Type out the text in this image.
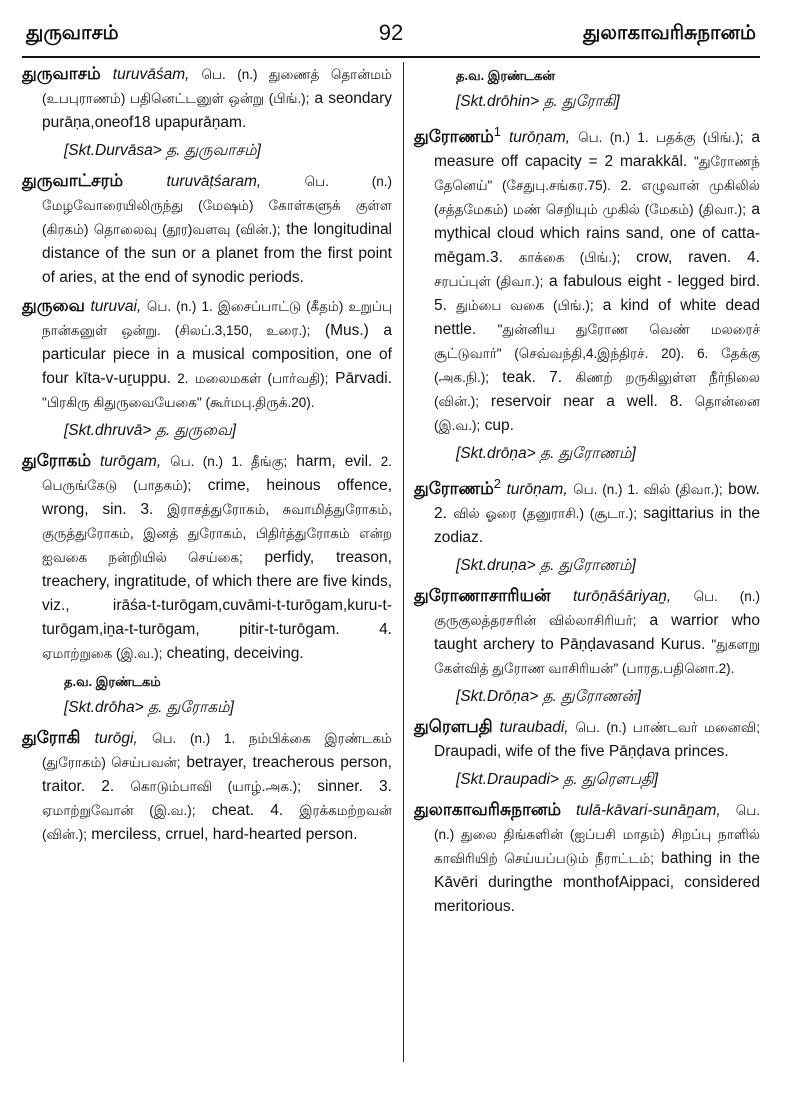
துருவாசம்	92	துலாகாவரிசுநானம்

துருவாசம் turuvāśam, பெ. (n.) துணைத் தொன்மம் (உபபுராணம்) பதினெட்டனுள் ஒன்று (பிங்.); a seondary purāṇa,oneof18 upapurāṇam.

[Skt.Durvāsa> த. துருவாசம்]

துருவாட்சரம்	turuvāṭśaram,	பெ. (n.) மேழவோரையிலிருந்து (மேஷம்) கோள்களுக் குள்ள (கிரகம்) தொலைவு (தூர)வளவு (வின்.); the longitudinal distance of the sun or a planet from the first point of aries, at the end of synodic periods.

துருவை turuvai, பெ. (n.) 1. இசைப்பாட்டு (கீதம்) உறுப்பு நான்கனுள் ஒன்று. (சிலப்.3,150, உரை.); (Mus.) a particular piece in a musical composition, one of four kīta-v-uṟuppu. 2. மலைமகள் (பார்வதி); Pārvadi. "பிரகிரு கிதுருவையேகை" (கூர்மபு.திருக்.20).

[Skt.dhruvā> த. துருவை]

துரோகம் turōgam, பெ. (n.) 1. தீங்கு; harm, evil. 2. பெருங்கேடு (பாதகம்); crime, heinous offence, wrong, sin. 3. இராசத்துரோகம், சுவாமித்துரோகம், குருத்துரோகம், இனத் துரோகம், பிதிர்த்துரோகம் என்ற ஐவகை நன்றியில் செய்கை; perfidy, treason, treachery, ingratitude, of which there are five kinds, viz., irāśa-t-turōgam,cuvāmi-t-turōgam,kuru-t-turōgam,iṉa-t-turōgam, pitir-t-turōgam. 4. ஏமாற்றுகை (இ.வ.); cheating, deceiving.

த.வ. இரண்டகம்

[Skt.drōha> த. துரோகம்]

துரோகி turōgi, பெ. (n.) 1. நம்பிக்கை இரண்டகம் (துரோகம்) செய்பவன்; betrayer, treacherous person, traitor. 2. கொடும்பாவி (யாழ்.அக.); sinner. 3. ஏமாற்றுவோன் (இ.வ.); cheat. 4. இரக்கமற்றவன் (வின்.); merciless, crruel, hard-hearted person.

த.வ. இரண்டகன்

[Skt.drōhin> த. துரோகி]

துரோணம்$^1$ turōṇam, பெ. (n.) 1. பதக்கு (பிங்.); a measure off capacity = 2 marakkāl. "துரோணந் தேனெய்" (சேதுபு.சங்கர.75). 2. எழுவான் முகிலில் (சத்தமேகம்) மண் செறியும் முகில் (மேகம்) (திவா.); a mythical cloud which rains sand, one of catta-mēgam.3. காக்கை (பிங்.); crow, raven. 4. சரபப்புள் (திவா.); a fabulous eight - legged bird. 5. தும்பை வகை (பிங்.); a kind of white dead nettle. "துன்னிய துரோண வெண் மலரைச் சூட்டுவார்" (செவ்வந்தி,4.இந்திரச். 20). 6. தேக்கு (அக.நி.); teak. 7. கிணற் றருகிலுள்ள நீர்நிலை (வின்.); reservoir near a well. 8. தொன்னை (இ.வ.); cup.

[Skt.drōṇa> த. துரோணம்]

துரோணம்$^2$ turōṇam, பெ. (n.) 1. வில் (திவா.); bow. 2. வில் ஓரை (தனுராசி.) (சூடா.); sagittarius in the zodiaz.

[Skt.druṇa> த. துரோணம்]

துரோணாசாரியன் turōṇāśāriyaṉ, பெ. (n.) குருகுலத்தரசரின் வில்லாசிரியர்; a warrior who taught archery to Pāṇḍavasand Kurus. "துகளறு கேள்வித் துரோண வாசிரியன்" (பாரத.பதினொ.2).

[Skt.Drōṇa> த. துரோணன்]

துரௌபதி turaubadi, பெ. (n.) பாண்டவர் மனைவி; Draupadi, wife of the five Pāṇḍava princes.

[Skt.Draupadi> த. துரௌபதி]

துலாகாவரிசுநானம் tulā-kāvari-sunāṉam, பெ. (n.) துலை திங்களின் (ஐப்பசி மாதம்) சிறப்பு நாளில் காவிரியிற் செய்யப்படும் நீராட்டம்; bathing in the Kāvēri duringthe monthofAippaci, considered meritorious.
